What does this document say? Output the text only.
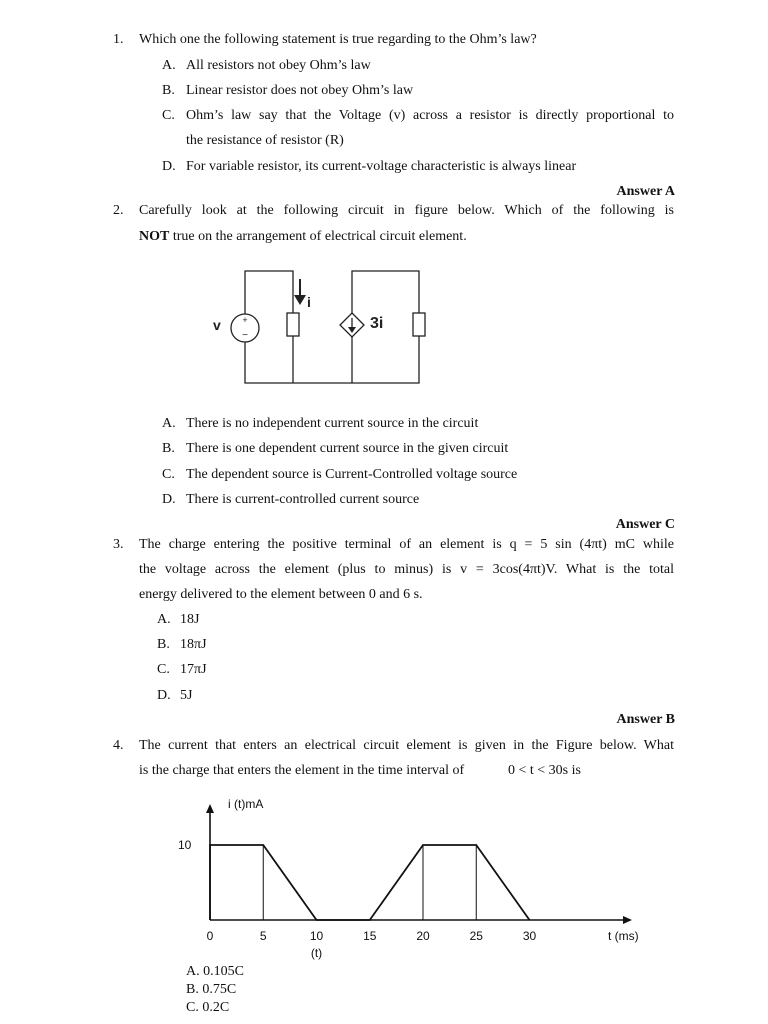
1. Which one the following statement is true regarding to the Ohm’s law?
A. All resistors not obey Ohm’s law
B. Linear resistor does not obey Ohm’s law
C. Ohm’s law say that the Voltage (v) across a resistor is directly proportional to
the resistance of resistor (R)
D. For variable resistor, its current-voltage characteristic is always linear
Answer A
2. Carefully look at the following circuit in figure below. Which of the following is
NOT true on the arrangement of electrical circuit element.
+
−
v
i
3i
A. There is no independent current source in the circuit
B. There is one dependent current source in the given circuit
C. The dependent source is Current-Controlled voltage source
D. There is current-controlled current source
Answer C
3. The charge entering the positive terminal of an element is q = 5 sin (4πt) mC while
the voltage across the element (plus to minus) is v = 3cos(4πt)V. What is the total
energy delivered to the element between 0 and 6 s.
A. 18J
B. 18πJ
C. 17πJ
D. 5J
Answer B
4. The current that enters an electrical circuit element is given in the Figure below. What
is the charge that enters the element in the time interval of	0 < t < 30s is
i (t)mA
10
0	5	10	15	20	25	30
(t)
t (ms)
A. 0.105C
B. 0.75C
C. 0.2C
